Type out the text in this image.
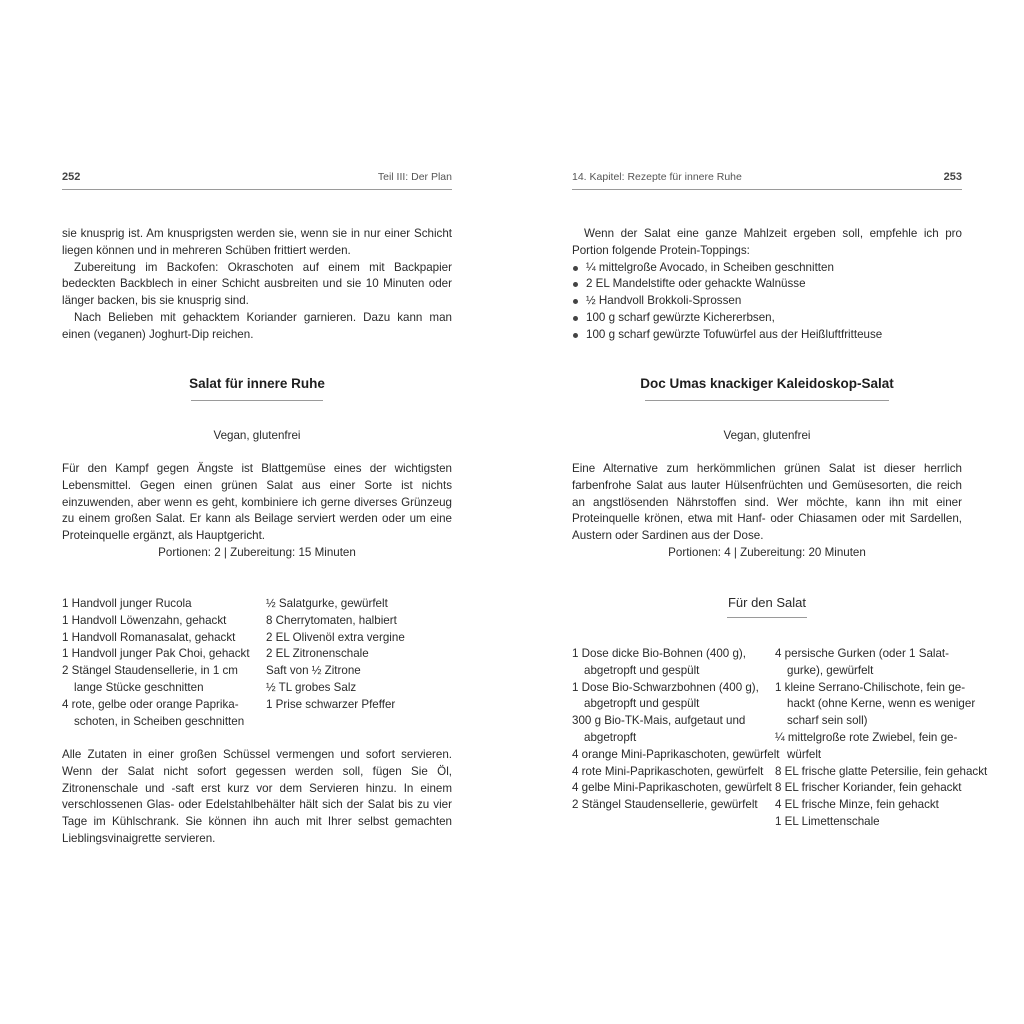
252	Teil III: Der Plan

sie knusprig ist. Am knusprigsten werden sie, wenn sie in nur einer Schicht liegen können und in mehreren Schüben frittiert werden.

Zubereitung im Backofen: Okraschoten auf einem mit Backpapier bedeckten Backblech in einer Schicht ausbreiten und sie 10 Minuten oder länger backen, bis sie knusprig sind.

Nach Belieben mit gehacktem Koriander garnieren. Dazu kann man einen (veganen) Joghurt-Dip reichen.

Salat für innere Ruhe
Vegan, glutenfrei

Für den Kampf gegen Ängste ist Blattgemüse eines der wichtigsten Lebensmittel. Gegen einen grünen Salat aus einer Sorte ist nichts einzuwenden, aber wenn es geht, kombiniere ich gerne diverses Grünzeug zu einem großen Salat. Er kann als Beilage serviert werden oder um eine Proteinquelle ergänzt, als Hauptgericht.

Portionen: 2 | Zubereitung: 15 Minuten
1 Handvoll junger Rucola
1 Handvoll Löwenzahn, gehackt
1 Handvoll Romanasalat, gehackt
1 Handvoll junger Pak Choi, gehackt
2 Stängel Staudensellerie, in 1 cm
lange Stücke geschnitten
4 rote, gelbe oder orange Paprika-
schoten, in Scheiben geschnitten
½ Salatgurke, gewürfelt
8 Cherrytomaten, halbiert
2 EL Olivenöl extra vergine
2 EL Zitronenschale
Saft von ½ Zitrone
½ TL grobes Salz
1 Prise schwarzer Pfeffer

Alle Zutaten in einer großen Schüssel vermengen und sofort servieren. Wenn der Salat nicht sofort gegessen werden soll, fügen Sie Öl, Zitronenschale und -saft erst kurz vor dem Servieren hinzu. In einem verschlossenen Glas- oder Edelstahlbehälter hält sich der Salat bis zu vier Tage im Kühlschrank. Sie können ihn auch mit Ihrer selbst gemachten Lieblingsvinaigrette servieren.

14. Kapitel: Rezepte für innere Ruhe	253

Wenn der Salat eine ganze Mahlzeit ergeben soll, empfehle ich pro Portion folgende Protein-Toppings:

¼ mittelgroße Avocado, in Scheiben geschnitten
2 EL Mandelstifte oder gehackte Walnüsse
½ Handvoll Brokkoli-Sprossen
100 g scharf gewürzte Kichererbsen,
100 g scharf gewürzte Tofuwürfel aus der Heißluftfritteuse
Doc Umas knackiger Kaleidoskop-Salat
Vegan, glutenfrei

Eine Alternative zum herkömmlichen grünen Salat ist dieser herrlich farbenfrohe Salat aus lauter Hülsenfrüchten und Gemüsesorten, die reich an angstlösenden Nährstoffen sind. Wer möchte, kann ihn mit einer Proteinquelle krönen, etwa mit Hanf- oder Chiasamen oder mit Sardellen, Austern oder Sardinen aus der Dose.

Portionen: 4 | Zubereitung: 20 Minuten
Für den Salat
1 Dose dicke Bio-Bohnen (400 g),
abgetropft und gespült
1 Dose Bio-Schwarzbohnen (400 g),
abgetropft und gespült
300 g Bio-TK-Mais, aufgetaut und
abgetropft
4 orange Mini-Paprikaschoten, gewürfelt
4 rote Mini-Paprikaschoten, gewürfelt
4 gelbe Mini-Paprikaschoten, gewürfelt
2 Stängel Staudensellerie, gewürfelt
4 persische Gurken (oder 1 Salat-
gurke), gewürfelt
1 kleine Serrano-Chilischote, fein ge-
hackt (ohne Kerne, wenn es weniger
scharf sein soll)
¼ mittelgroße rote Zwiebel, fein ge-
würfelt
8 EL frische glatte Petersilie, fein gehackt
8 EL frischer Koriander, fein gehackt
4 EL frische Minze, fein gehackt
1 EL Limettenschale
